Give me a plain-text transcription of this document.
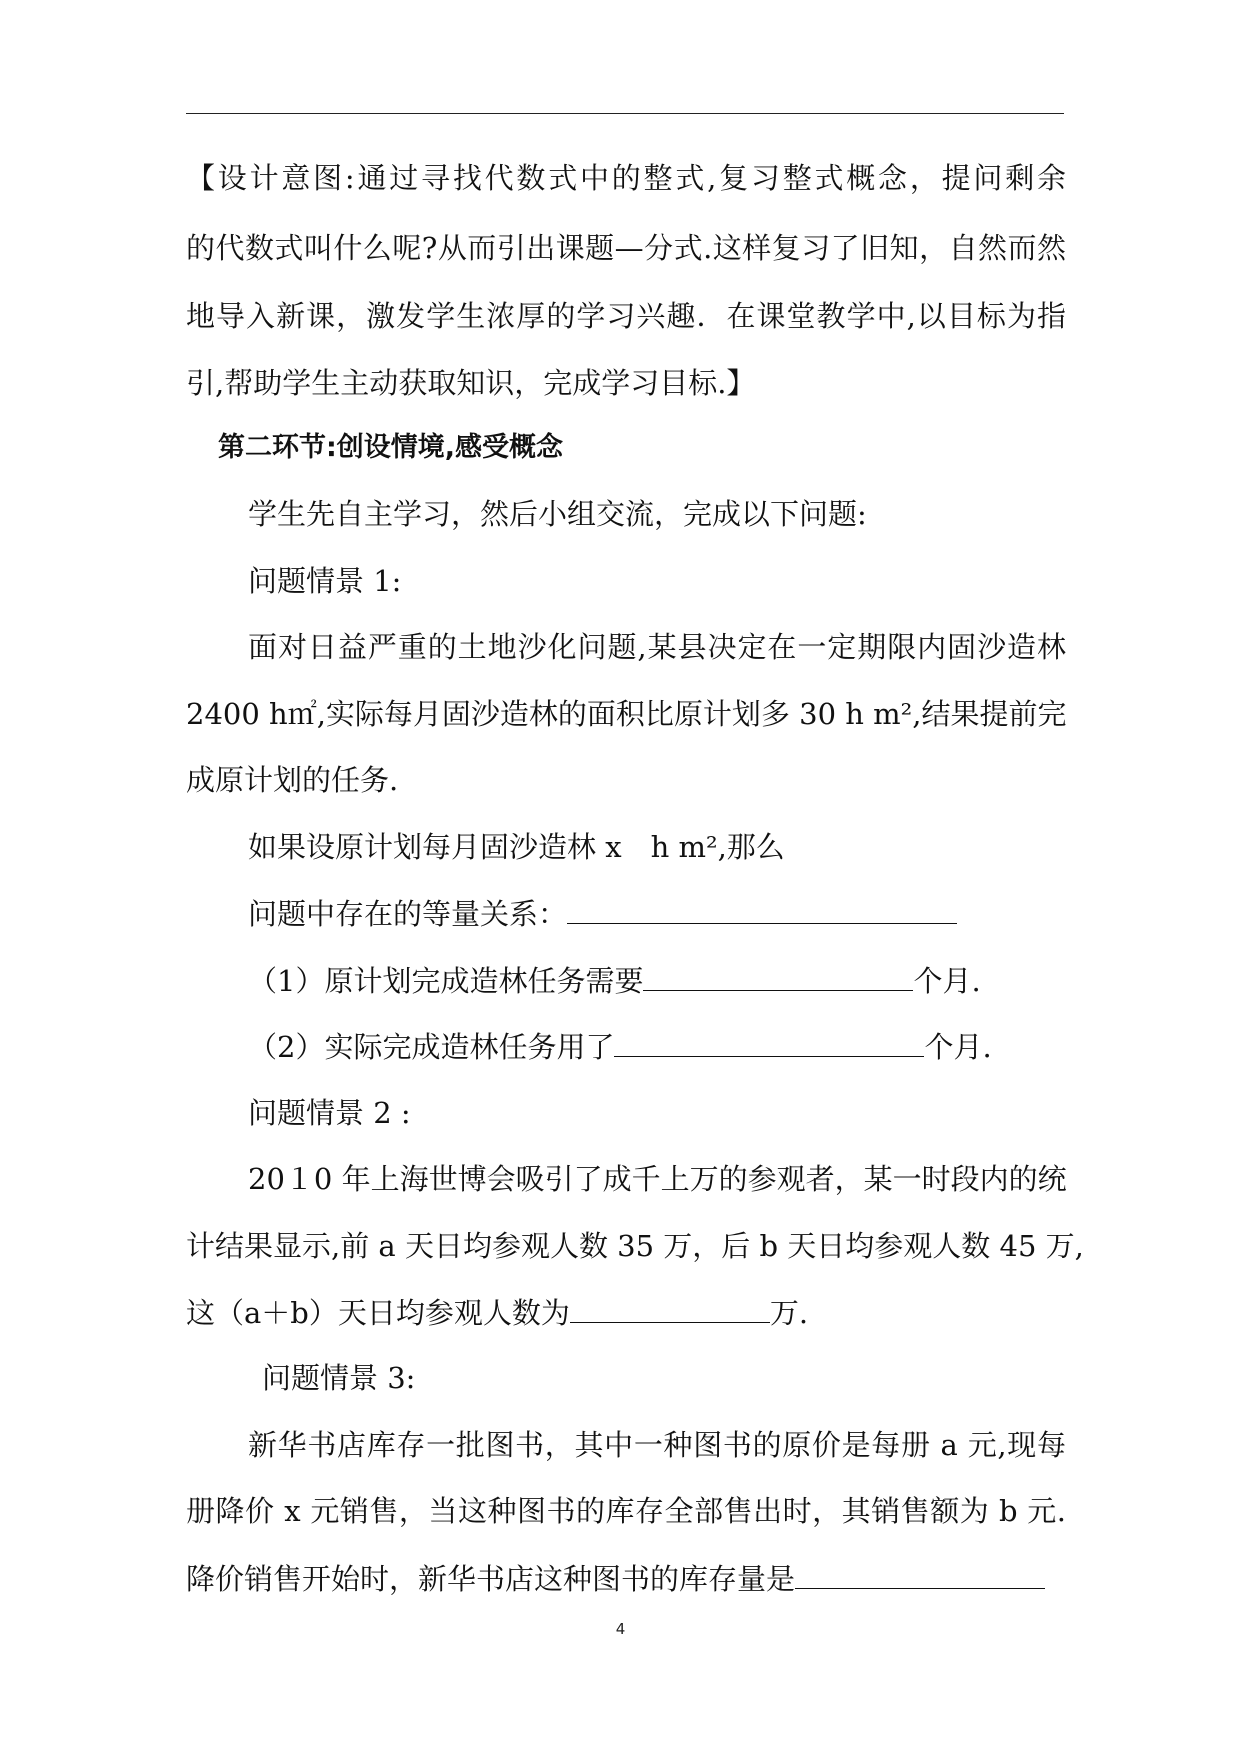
【设计意图:通过寻找代数式中的整式,复习整式概念，提问剩余
的代数式叫什么呢?从而引出课题—分式.这样复习了旧知，自然而然
地导入新课，激发学生浓厚的学习兴趣．在课堂教学中,以目标为指
引,帮助学生主动获取知识，完成学习目标.】
第二环节:创设情境,感受概念
学生先自主学习，然后小组交流，完成以下问题:
问题情景 1:
面对日益严重的土地沙化问题,某县决定在一定期限内固沙造林
2400 h㎡,实际每月固沙造林的面积比原计划多 30 h m²,结果提前完
成原计划的任务.
如果设原计划每月固沙造林 x　h m²,那么
问题中存在的等量关系：
（1）原计划完成造林任务需要	个月.
（2）实际完成造林任务用了	个月.
问题情景 2 :
20１0 年上海世博会吸引了成千上万的参观者，某一时段内的统
计结果显示,前 a 天日均参观人数 35 万，后 b 天日均参观人数 45 万,
这（a＋b）天日均参观人数为	万.
问题情景 3:
新华书店库存一批图书，其中一种图书的原价是每册 a 元,现每
册降价 x 元销售，当这种图书的库存全部售出时，其销售额为 b 元.
降价销售开始时，新华书店这种图书的库存量是
4
